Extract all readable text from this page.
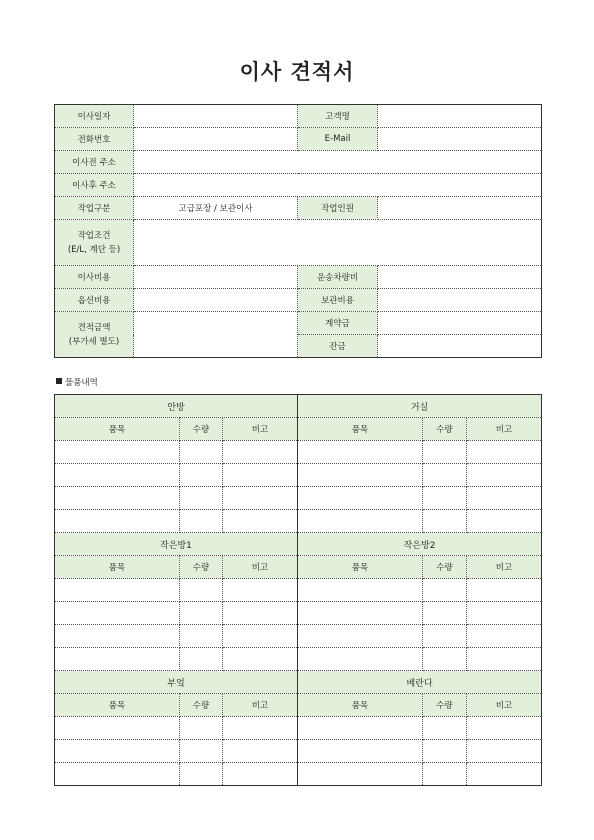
이사 견적서
이사일자		고객명	
전화번호		E-Mail	
이사전 주소			
이사후 주소			
작업구분	고급포장 / 보관이사	작업인원	

작업조건
(E/L, 계단 등)			

이사비용		운송차량비	
옵션비용		보관비용	

견적금액
(부가세 별도)		계약금	
		잔금	
물품내역
안방			거실		
품목	수량	비고	품목	수량	비고

작은방1			작은방2		
품목	수량	비고	품목	수량	비고

부엌			베란다		
품목	수량	비고	품목	수량	비고
